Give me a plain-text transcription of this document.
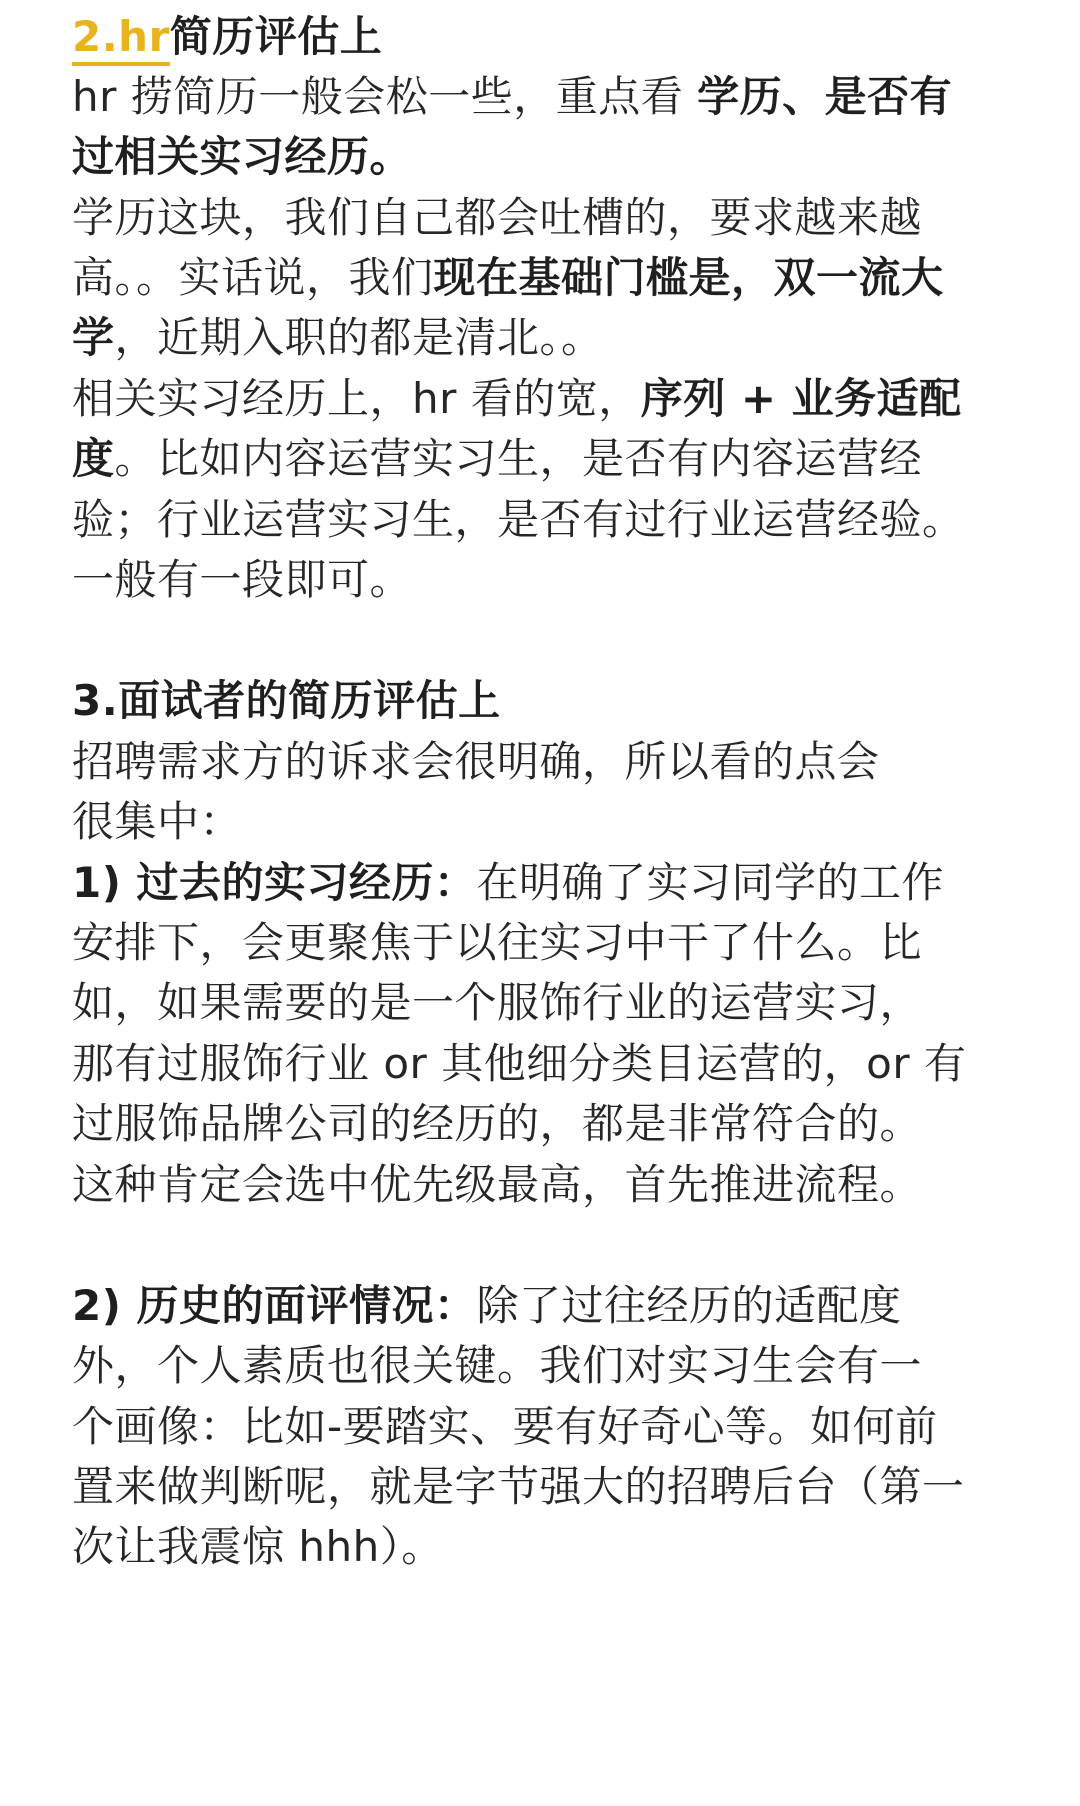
2.hr简历评估上
hr 捞简历一般会松一些，重点看 学历、是否有
过相关实习经历。
学历这块，我们自己都会吐槽的，要求越来越
高。。实话说，我们现在基础门槛是，双一流大
学，近期入职的都是清北。。
相关实习经历上，hr 看的宽，序列 + 业务适配
度。比如内容运营实习生，是否有内容运营经
验；行业运营实习生，是否有过行业运营经验。
一般有一段即可。
3.面试者的简历评估上
招聘需求方的诉求会很明确，所以看的点会
很集中：
1) 过去的实习经历：在明确了实习同学的工作
安排下，会更聚焦于以往实习中干了什么。比
如，如果需要的是一个服饰行业的运营实习，
那有过服饰行业 or 其他细分类目运营的，or 有
过服饰品牌公司的经历的，都是非常符合的。
这种肯定会选中优先级最高，首先推进流程。
2) 历史的面评情况：除了过往经历的适配度
外，个人素质也很关键。我们对实习生会有一
个画像：比如-要踏实、要有好奇心等。如何前
置来做判断呢，就是字节强大的招聘后台（第一
次让我震惊 hhh）。
